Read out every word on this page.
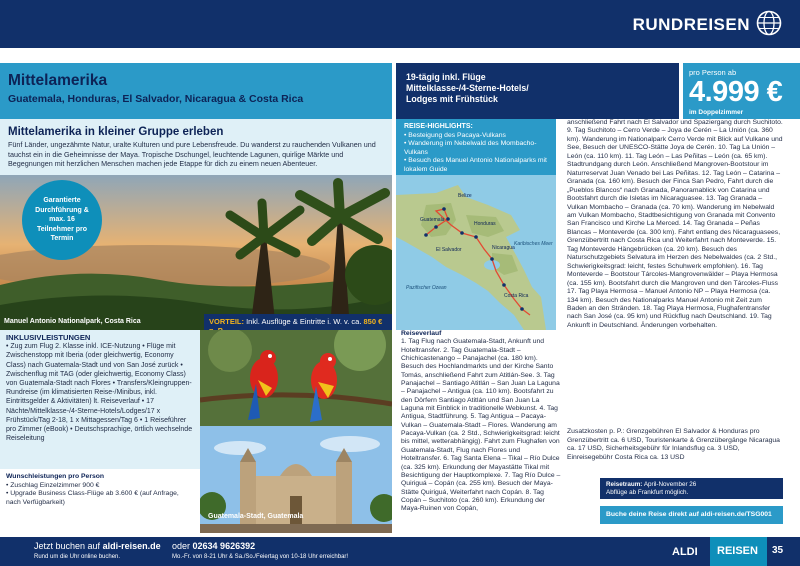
RUNDREISEN
Mittelamerika
Guatemala, Honduras, El Salvador, Nicaragua & Costa Rica
19-tägig inkl. Flüge
Mittelklasse-/4-Sterne-Hotels/
Lodges mit Frühstück
pro Person ab
4.999 €
im Doppelzimmer
Mittelamerika in kleiner Gruppe erleben

Fünf Länder, ungezähmte Natur, uralte Kulturen und pure Lebensfreude. Du wanderst zu rauchenden Vulkanen und tauchst ein in die Geheimnisse der Maya. Tropische Dschungel, leuchtende Lagunen, quirlige Märkte und Begegnungen mit herzlichen Menschen machen jede Etappe für dich zu einem neuen Abenteuer.

REISE-HIGHLIGHTS:
• Besteigung des Pacaya-Vulkans
• Wanderung im Nebelwald des Mombacho-Vulkans
• Besuch des Manuel Antonio Nationalparks mit lokalem Guide
Garantierte Durchführung & max. 16 Teilnehmer pro Termin
Manuel Antonio Nationalpark, Costa Rica	VORTEIL: Inkl. Ausflüge & Eintritte i. W. v. ca. 850 €
Guatemala
Belize
Honduras
El Salvador	Nicaragua
Costa Rica
Pazifischer Ozean
Karibisches Meer
INKLUSIVLEISTUNGEN
• Zug zum Flug 2. Klasse inkl. ICE-Nutzung • Flüge mit Zwischenstopp mit Iberia (oder gleichwertig, Economy Class) nach Guatemala-Stadt und von San José zurück • Zwischenflug mit TAG (oder gleichwertig, Economy Class) von Guatemala-Stadt nach Flores • Transfers/Kleingruppen-Rundreise (im klimatisierten Reise-/Minibus, inkl. Eintrittsgelder & Aktivitäten) lt. Reiseverlauf • 17 Nächte/Mittelklasse-/4-Sterne-Hotels/Lodges/17 x Frühstück/Tag 2-18, 1 x Mittagessen/Tag 6 • 1 Reiseführer pro Zimmer (eBook) • Deutschsprachige, örtlich wechselnde Reiseleitung
Wunschleistungen pro Person
• Zuschlag Einzelzimmer 900 €
• Upgrade Business Class-Flüge ab 3.600 € (auf Anfrage, nach Verfügbarkeit)
Guatemala-Stadt, Guatemala
Reiseverlauf
1. Tag Flug nach Guatemala-Stadt, Ankunft und Hoteltransfer. 2. Tag Guatemala-Stadt – Chichicastenango – Panajachel (ca. 180 km). Besuch des Hochlandmarkts und der Kirche Santo Tomás, anschließend Fahrt zum Atitlán-See. 3. Tag Panajachel – Santiago Atitlán – San Juan La Laguna – Panajachel – Antigua (ca. 110 km). Bootsfahrt zu den Dörfern Santiago Atitlán und San Juan La Laguna mit Einblick in traditionelle Webkunst. 4. Tag Antigua, Stadtführung. 5. Tag Antigua – Pacaya-Vulkan – Guatemala-Stadt – Flores. Wanderung am Pacaya-Vulkan (ca. 2 Std., Schwierigkeitsgrad: leicht bis mittel, wetterabhängig). Fahrt zum Flughafen von Guatemala-Stadt, Flug nach Flores und Hoteltransfer. 6. Tag Santa Elena – Tikal – Río Dulce (ca. 325 km). Erkundung der Mayastätte Tikal mit Besichtigung der Hauptkomplexe. 7. Tag Río Dulce – Quiriguá – Copán (ca. 255 km). Besuch der Maya-Stätte Quiriguá, Weiterfahrt nach Copán. 8. Tag Copán – Suchitoto (ca. 260 km). Erkundung der Maya-Ruinen von Copán,
anschließend Fahrt nach El Salvador und Spaziergang durch Suchitoto. 9. Tag Suchitoto – Cerro Verde – Joya de Cerén – La Unión (ca. 360 km). Wanderung im Nationalpark Cerro Verde mit Blick auf Vulkane und See, Besuch der UNESCO-Stätte Joya de Cerén. 10. Tag La Unión – León (ca. 110 km). 11. Tag León – Las Peñitas – León (ca. 65 km). Stadtrundgang durch León. Anschließend Mangroven-Bootstour im Naturreservat Juan Venado bei Las Peñitas. 12. Tag León – Catarina – Granada (ca. 160 km). Besuch der Finca San Pedro, Fahrt durch die „Pueblos Blancos“ nach Granada, Panoramablick von Catarina und Bootsfahrt durch die Isletas im Nicaraguasee. 13. Tag Granada – Vulkan Mombacho – Granada (ca. 70 km). Wanderung im Nebelwald am Vulkan Mombacho, Stadtbesichtigung von Granada mit Convento San Francisco und Kirche La Merced. 14. Tag Granada – Peñas Blancas – Monteverde (ca. 300 km). Fahrt entlang des Nicaraguasees, Grenzübertritt nach Costa Rica und Weiterfahrt nach Monteverde. 15. Tag Monteverde Hängebrücken (ca. 20 km). Besuch des Naturschutzgebiets Selvatura im Herzen des Nebelwaldes (ca. 2 Std., Schwierigkeitsgrad: leicht, festes Schuhwerk empfohlen). 16. Tag Monteverde – Bootstour Tárcoles-Mangrovenwälder – Playa Hermosa (ca. 155 km). Bootsfahrt durch die Mangroven und den Tárcoles-Fluss 17. Tag Playa Hermosa – Manuel Antonio NP – Playa Hermosa (ca. 134 km). Besuch des Nationalparks Manuel Antonio mit Zeit zum Baden an den Stränden. 18. Tag Playa Hermosa, Flughafentransfer nach San José (ca. 95 km) und Rückflug nach Deutschland. 19. Tag Ankunft in Deutschland. Änderungen vorbehalten.
Zusatzkosten p. P.: Grenzgebühren El Salvador & Honduras pro Grenzübertritt ca. 6 USD, Touristenkarte & Grenzübergänge Nicaragua ca. 17 USD, Sicherheitsgebühr für Inlandsflug ca. 3 USD, Einreisegebühr Costa Rica ca. 13 USD
Reisetraum: April-November 26
Abflüge ab Frankfurt möglich.
Buche deine Reise direkt auf aldi-reisen.de/TSG001
Jetzt buchen auf aldi-reisen.de
Rund um die Uhr online buchen.
oder 02634 9626392
Mo.-Fr. von 8-21 Uhr & Sa./So./Feiertag von 10-18 Uhr erreichbar!	ALDI	REISEN	35
